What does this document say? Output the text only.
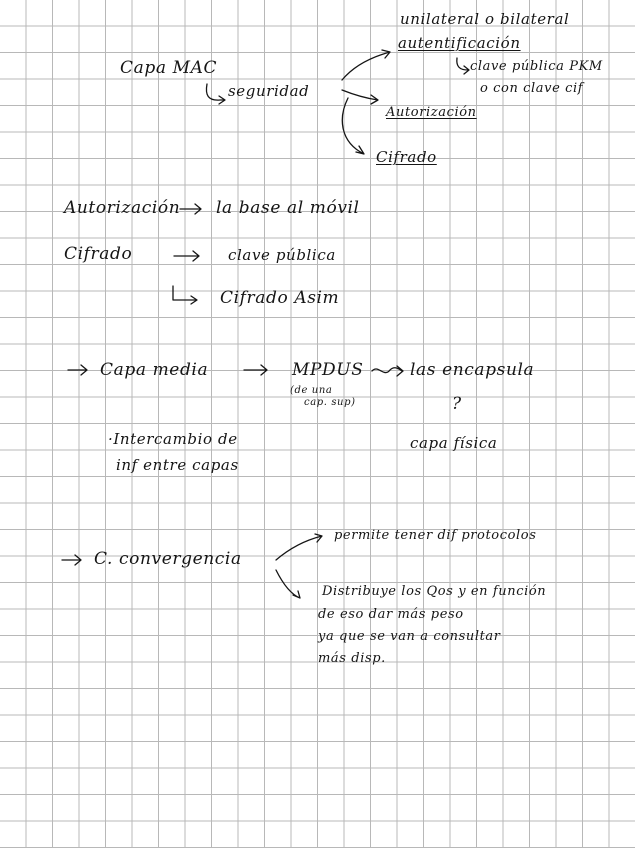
Capa MAC
seguridad
unilateral o bilateral
autentificación
clave pública PKM
o con clave cif
Autorización
Cifrado
Autorización la base al móvil
Cifrado	clave pública
Cifrado Asim
Capa media	MPDUS
(de una
cap. sup)
las encapsula
?
capa física
·Intercambio de
inf entre capas
C. convergencia
permite tener dif protocolos
Distribuye los Qos y en función
de eso dar más peso
ya que se van a consultar
más disp.
